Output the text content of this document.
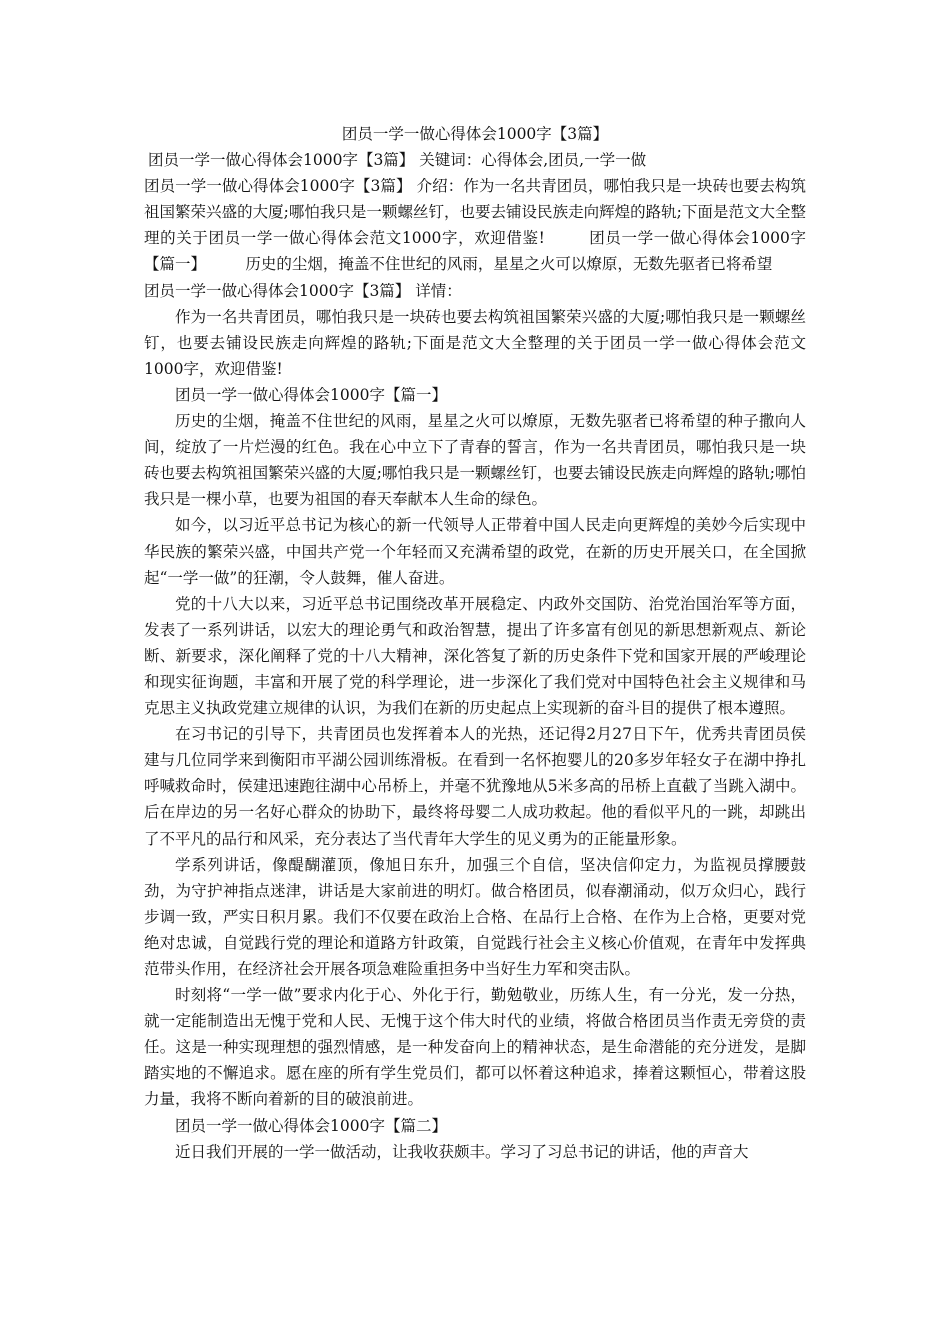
团员一学一做心得体会1000字【3篇】

团员一学一做心得体会1000字【3篇】 关键词：心得体会,团员,一学一做

团员一学一做心得体会1000字【3篇】 介绍：作为一名共青团员，哪怕我只是一块砖也要去构筑祖国繁荣兴盛的大厦;哪怕我只是一颗螺丝钉，也要去铺设民族走向辉煌的路轨;下面是范文大全整理的关于团员一学一做心得体会范文1000字，欢迎借鉴!        团员一学一做心得体会1000字【篇一】        历史的尘烟，掩盖不住世纪的风雨，星星之火可以燎原，无数先驱者已将希望

团员一学一做心得体会1000字【3篇】 详情：

作为一名共青团员，哪怕我只是一块砖也要去构筑祖国繁荣兴盛的大厦;哪怕我只是一颗螺丝钉，也要去铺设民族走向辉煌的路轨;下面是范文大全整理的关于团员一学一做心得体会范文1000字，欢迎借鉴!

团员一学一做心得体会1000字【篇一】

历史的尘烟，掩盖不住世纪的风雨，星星之火可以燎原，无数先驱者已将希望的种子撒向人间，绽放了一片烂漫的红色。我在心中立下了青春的誓言，作为一名共青团员，哪怕我只是一块砖也要去构筑祖国繁荣兴盛的大厦;哪怕我只是一颗螺丝钉，也要去铺设民族走向辉煌的路轨;哪怕我只是一棵小草，也要为祖国的春天奉献本人生命的绿色。

如今，以习近平总书记为核心的新一代领导人正带着中国人民走向更辉煌的美妙今后实现中华民族的繁荣兴盛，中国共产党一个年轻而又充满希望的政党，在新的历史开展关口，在全国掀起“一学一做”的狂潮，令人鼓舞，催人奋进。

党的十八大以来，习近平总书记围绕改革开展稳定、内政外交国防、治党治国治军等方面，发表了一系列讲话，以宏大的理论勇气和政治智慧，提出了许多富有创见的新思想新观点、新论断、新要求，深化阐释了党的十八大精神，深化答复了新的历史条件下党和国家开展的严峻理论和现实征询题，丰富和开展了党的科学理论，进一步深化了我们党对中国特色社会主义规律和马克思主义执政党建立规律的认识，为我们在新的历史起点上实现新的奋斗目的提供了根本遵照。

在习书记的引导下，共青团员也发挥着本人的光热，还记得2月27日下午，优秀共青团员侯建与几位同学来到衡阳市平湖公园训练滑板。在看到一名怀抱婴儿的20多岁年轻女子在湖中挣扎呼喊救命时，侯建迅速跑往湖中心吊桥上，并毫不犹豫地从5米多高的吊桥上直截了当跳入湖中。后在岸边的另一名好心群众的协助下，最终将母婴二人成功救起。他的看似平凡的一跳，却跳出了不平凡的品行和风采，充分表达了当代青年大学生的见义勇为的正能量形象。

学系列讲话，像醍醐灌顶，像旭日东升，加强三个自信，坚决信仰定力，为监视员撑腰鼓劲，为守护神指点迷津，讲话是大家前进的明灯。做合格团员，似春潮涌动，似万众归心，践行步调一致，严实日积月累。我们不仅要在政治上合格、在品行上合格、在作为上合格，更要对党绝对忠诚，自觉践行党的理论和道路方针政策，自觉践行社会主义核心价值观，在青年中发挥典范带头作用，在经济社会开展各项急难险重担务中当好生力军和突击队。

时刻将“一学一做”要求内化于心、外化于行，勤勉敬业，历练人生，有一分光，发一分热，就一定能制造出无愧于党和人民、无愧于这个伟大时代的业绩，将做合格团员当作责无旁贷的责任。这是一种实现理想的强烈情感，是一种发奋向上的精神状态，是生命潜能的充分迸发，是脚踏实地的不懈追求。愿在座的所有学生党员们，都可以怀着这种追求，捧着这颗恒心，带着这股力量，我将不断向着新的目的破浪前进。

团员一学一做心得体会1000字【篇二】

近日我们开展的一学一做活动，让我收获颇丰。学习了习总书记的讲话，他的声音大
